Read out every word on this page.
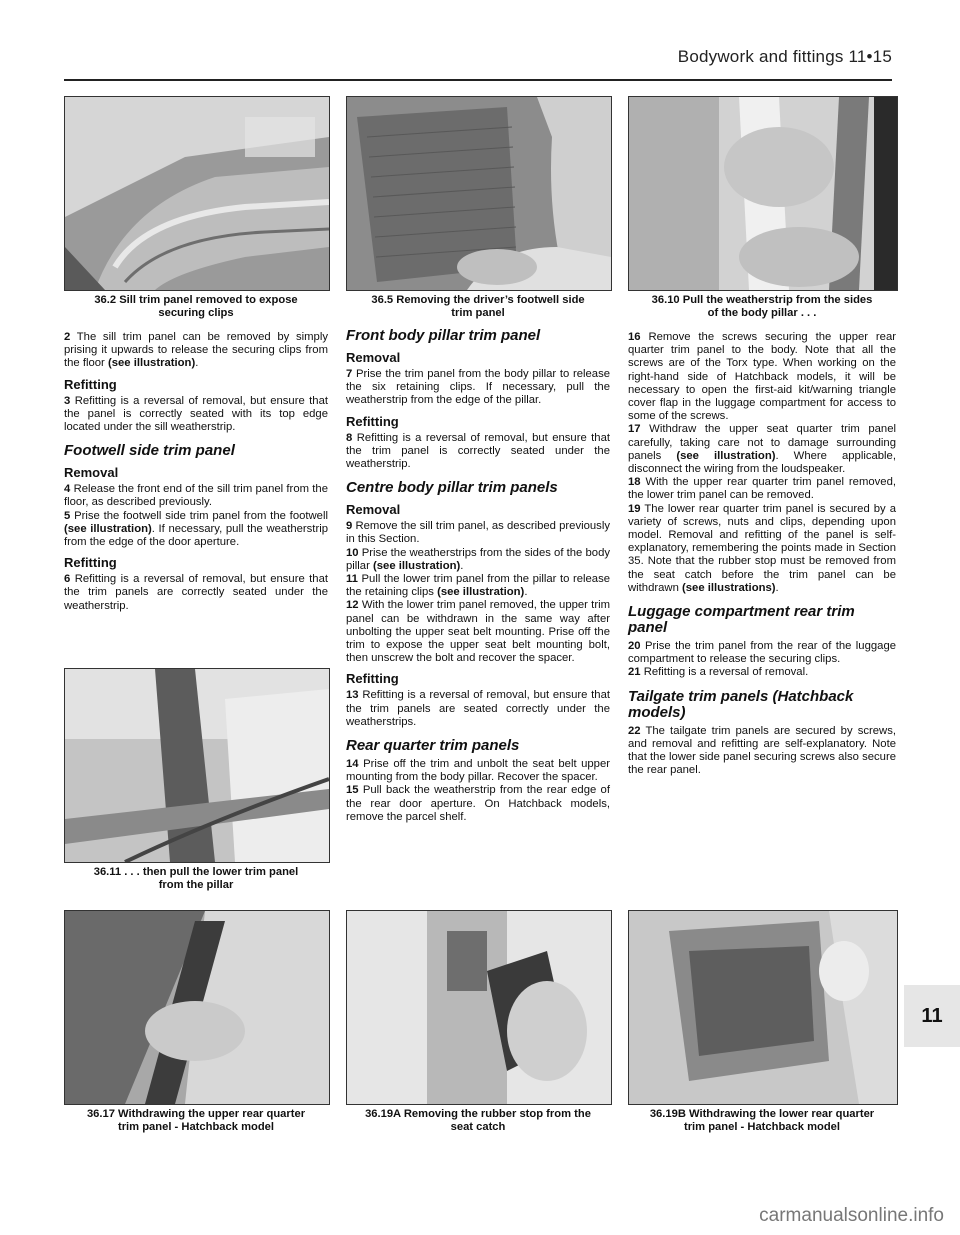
Bodywork and fittings 11•15
36.2 Sill trim panel removed to expose
securing clips
36.5 Removing the driver’s footwell side
trim panel
36.10 Pull the weatherstrip from the sides
of the body pillar . . .
36.11 . . . then pull the lower trim panel
from the pillar
36.17 Withdrawing the upper rear quarter
trim panel - Hatchback model
36.19A Removing the rubber stop from the
seat catch
36.19B Withdrawing the lower rear quarter
trim panel - Hatchback model

2 The sill trim panel can be removed by simply prising it upwards to release the securing clips from the floor (see illustration).

Refitting

3 Refitting is a reversal of removal, but ensure that the panel is correctly seated with its top edge located under the sill weatherstrip.

Footwell side trim panel
Removal

4 Release the front end of the sill trim panel from the floor, as described previously.

5 Prise the footwell side trim panel from the footwell (see illustration). If necessary, pull the weatherstrip from the edge of the door aperture.

Refitting

6 Refitting is a reversal of removal, but ensure that the trim panels are correctly seated under the weatherstrip.

Front body pillar trim panel
Removal

7 Prise the trim panel from the body pillar to release the six retaining clips. If necessary, pull the weatherstrip from the edge of the pillar.

Refitting

8 Refitting is a reversal of removal, but ensure that the trim panel is correctly seated under the weatherstrip.

Centre body pillar trim panels
Removal

9 Remove the sill trim panel, as described previously in this Section.

10 Prise the weatherstrips from the sides of the body pillar (see illustration).

11 Pull the lower trim panel from the pillar to release the retaining clips (see illustration).

12 With the lower trim panel removed, the upper trim panel can be withdrawn in the same way after unbolting the upper seat belt mounting. Prise off the trim to expose the upper seat belt mounting bolt, then unscrew the bolt and recover the spacer.

Refitting

13 Refitting is a reversal of removal, but ensure that the trim panels are seated correctly under the weatherstrips.

Rear quarter trim panels

14 Prise off the trim and unbolt the seat belt upper mounting from the body pillar. Recover the spacer.

15 Pull back the weatherstrip from the rear edge of the rear door aperture. On Hatchback models, remove the parcel shelf.

16 Remove the screws securing the upper rear quarter trim panel to the body. Note that all the screws are of the Torx type. When working on the right-hand side of Hatchback models, it will be necessary to open the first-aid kit/warning triangle cover flap in the luggage compartment for access to some of the screws.

17 Withdraw the upper seat quarter trim panel carefully, taking care not to damage surrounding panels (see illustration). Where applicable, disconnect the wiring from the loudspeaker.

18 With the upper rear quarter trim panel removed, the lower trim panel can be removed.

19 The lower rear quarter trim panel is secured by a variety of screws, nuts and clips, depending upon model. Removal and refitting of the panel is self-explanatory, remembering the points made in Section 35. Note that the rubber stop must be removed from the seat catch before the trim panel can be withdrawn (see illustrations).

Luggage compartment rear trim panel

20 Prise the trim panel from the rear of the luggage compartment to release the securing clips.

21 Refitting is a reversal of removal.

Tailgate trim panels (Hatchback models)

22 The tailgate trim panels are secured by screws, and removal and refitting are self-explanatory. Note that the lower side panel securing screws also secure the rear panel.

11
carmanualsonline.info
